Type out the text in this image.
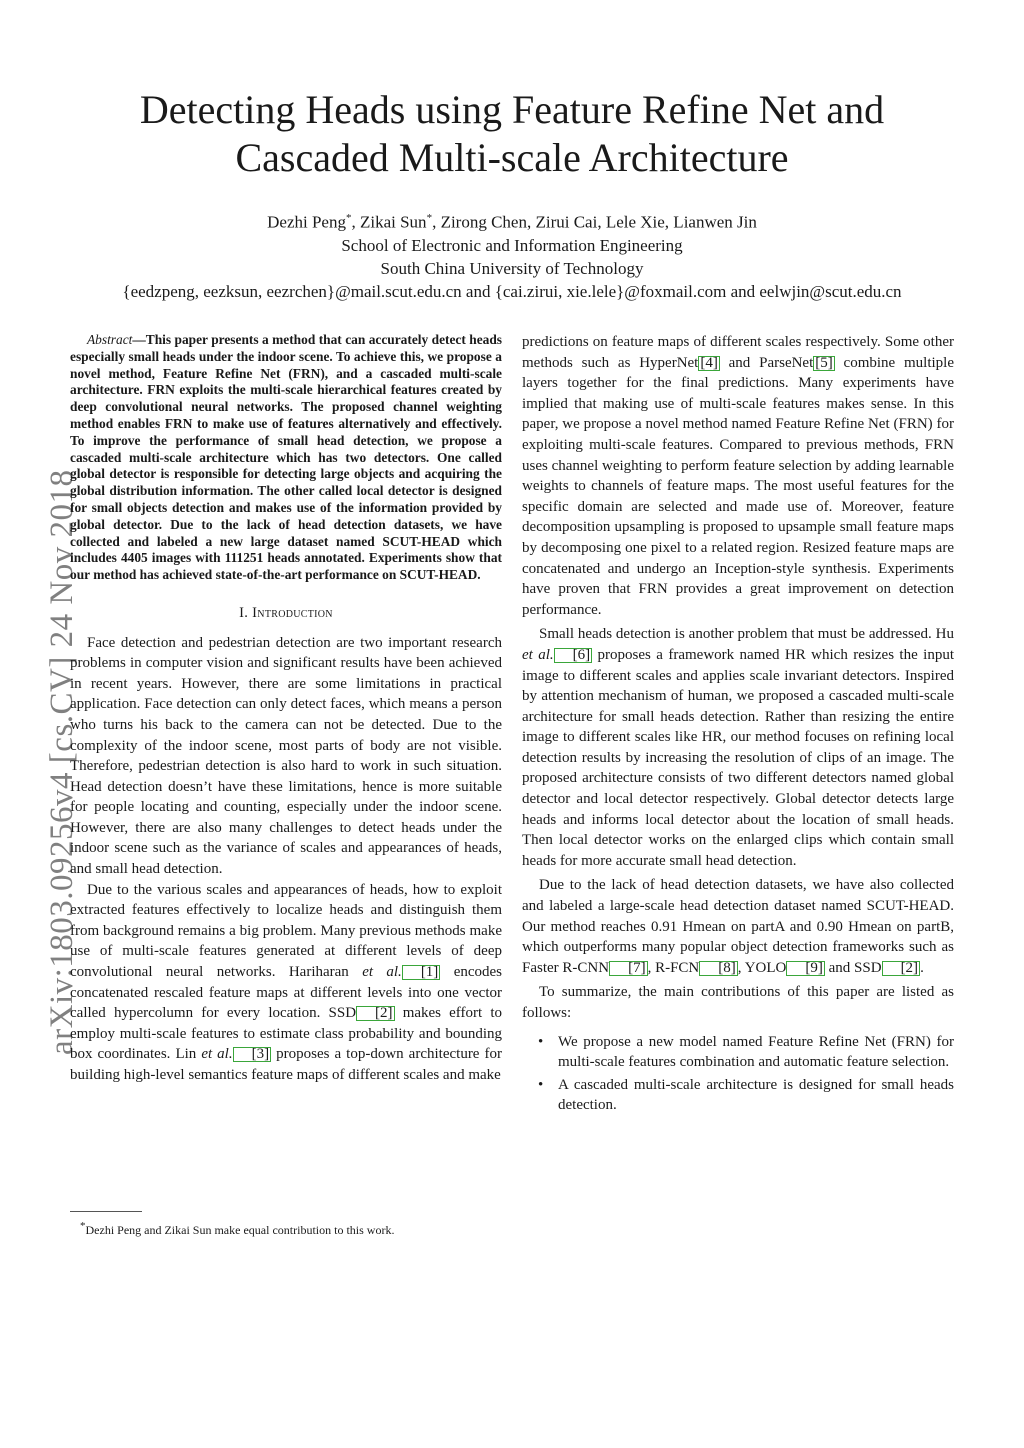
Detecting Heads using Feature Refine Net and
Cascaded Multi-scale Architecture
Dezhi Peng*, Zikai Sun*, Zirong Chen, Zirui Cai, Lele Xie, Lianwen Jin
School of Electronic and Information Engineering
South China University of Technology
{eedzpeng, eezksun, eezrchen}@mail.scut.edu.cn and {cai.zirui, xie.lele}@foxmail.com and eelwjin@scut.edu.cn
arXiv:1803.09256v4 [cs.CV] 24 Nov 2018

Abstract—This paper presents a method that can accurately detect heads especially small heads under the indoor scene. To achieve this, we propose a novel method, Feature Refine Net (FRN), and a cascaded multi-scale architecture. FRN exploits the multi-scale hierarchical features created by deep convolutional neural networks. The proposed channel weighting method enables FRN to make use of features alternatively and effectively. To improve the performance of small head detection, we propose a cascaded multi-scale architecture which has two detectors. One called global detector is responsible for detecting large objects and acquiring the global distribution information. The other called local detector is designed for small objects detection and makes use of the information provided by global detector. Due to the lack of head detection datasets, we have collected and labeled a new large dataset named SCUT-HEAD which includes 4405 images with 111251 heads annotated. Experiments show that our method has achieved state-of-the-art performance on SCUT-HEAD.

I. Introduction

Face detection and pedestrian detection are two important research problems in computer vision and significant results have been achieved in recent years. However, there are some limitations in practical application. Face detection can only detect faces, which means a person who turns his back to the camera can not be detected. Due to the complexity of the indoor scene, most parts of body are not visible. Therefore, pedestrian detection is also hard to work in such situation. Head detection doesn’t have these limitations, hence is more suitable for people locating and counting, especially under the indoor scene. However, there are also many challenges to detect heads under the indoor scene such as the variance of scales and appearances of heads, and small head detection.

Due to the various scales and appearances of heads, how to exploit extracted features effectively to localize heads and distinguish them from background remains a big problem. Many previous methods make use of multi-scale features generated at different levels of deep convolutional neural networks. Hariharan et al. [1] encodes concatenated rescaled feature maps at different levels into one vector called hypercolumn for every location. SSD [2] makes effort to employ multi-scale features to estimate class probability and bounding box coordinates. Lin et al. [3] proposes a top-down architecture for building high-level semantics feature maps of different scales and make

predictions on feature maps of different scales respectively. Some other methods such as HyperNet [4] and ParseNet [5] combine multiple layers together for the final predictions. Many experiments have implied that making use of multi-scale features makes sense. In this paper, we propose a novel method named Feature Refine Net (FRN) for exploiting multi-scale features. Compared to previous methods, FRN uses channel weighting to perform feature selection by adding learnable weights to channels of feature maps. The most useful features for the specific domain are selected and made use of. Moreover, feature decomposition upsampling is proposed to upsample small feature maps by decomposing one pixel to a related region. Resized feature maps are concatenated and undergo an Inception-style synthesis. Experiments have proven that FRN provides a great improvement on detection performance.

Small heads detection is another problem that must be addressed. Hu et al. [6] proposes a framework named HR which resizes the input image to different scales and applies scale invariant detectors. Inspired by attention mechanism of human, we proposed a cascaded multi-scale architecture for small heads detection. Rather than resizing the entire image to different scales like HR, our method focuses on refining local detection results by increasing the resolution of clips of an image. The proposed architecture consists of two different detectors named global detector and local detector respectively. Global detector detects large heads and informs local detector about the location of small heads. Then local detector works on the enlarged clips which contain small heads for more accurate small head detection.

Due to the lack of head detection datasets, we have also collected and labeled a large-scale head detection dataset named SCUT-HEAD. Our method reaches 0.91 Hmean on partA and 0.90 Hmean on partB, which outperforms many popular object detection frameworks such as Faster R-CNN [7] , R-FCN [8] , YOLO [9] and SSD [2] .

To summarize, the main contributions of this paper are listed as follows:

• We propose a new model named Feature Refine Net (FRN) for multi-scale features combination and automatic feature selection.
• A cascaded multi-scale architecture is designed for small heads detection.
*Dezhi Peng and Zikai Sun make equal contribution to this work.
